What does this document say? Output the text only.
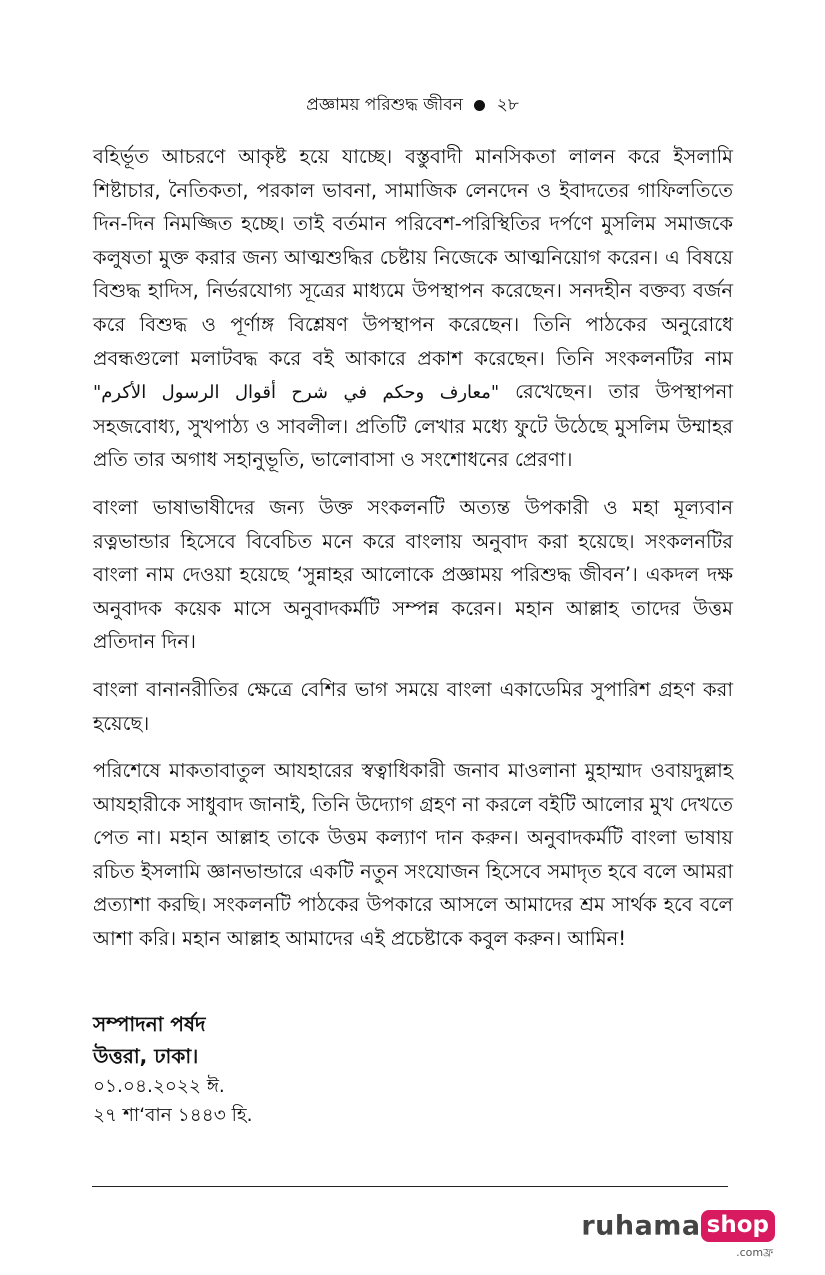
প্রজ্ঞাময় পরিশুদ্ধ জীবন ২৮

বহির্ভূত আচরণে আকৃষ্ট হয়ে যাচ্ছে। বস্তুবাদী মানসিকতা লালন করে ইসলামি শিষ্টাচার, নৈতিকতা, পরকাল ভাবনা, সামাজিক লেনদেন ও ইবাদতের গাফিলতিতে দিন-দিন নিমজ্জিত হচ্ছে। তাই বর্তমান পরিবেশ-পরিস্থিতির দর্পণে মুসলিম সমাজকে কলুষতা মুক্ত করার জন্য আত্মশুদ্ধির চেষ্টায় নিজেকে আত্মনিয়োগ করেন। এ বিষয়ে বিশুদ্ধ হাদিস, নির্ভরযোগ্য সূত্রের মাধ্যমে উপস্থাপন করেছেন। সনদহীন বক্তব্য বর্জন করে বিশুদ্ধ ও পূর্ণাঙ্গ বিশ্লেষণ উপস্থাপন করেছেন। তিনি পাঠকের অনুরোধে প্রবন্ধগুলো মলাটবদ্ধ করে বই আকারে প্রকাশ করেছেন। তিনি সংকলনটির নাম "معارف وحكم في شرح أقوال الرسول الأكرم" রেখেছেন। তার উপস্থাপনা সহজবোধ্য, সুখপাঠ্য ও সাবলীল। প্রতিটি লেখার মধ্যে ফুটে উঠেছে মুসলিম উম্মাহর প্রতি তার অগাধ সহানুভূতি, ভালোবাসা ও সংশোধনের প্রেরণা।

বাংলা ভাষাভাষীদের জন্য উক্ত সংকলনটি অত্যন্ত উপকারী ও মহা মূল্যবান রত্নভান্ডার হিসেবে বিবেচিত মনে করে বাংলায় অনুবাদ করা হয়েছে। সংকলনটির বাংলা নাম দেওয়া হয়েছে ‘সুন্নাহর আলোকে প্রজ্ঞাময় পরিশুদ্ধ জীবন’। একদল দক্ষ অনুবাদক কয়েক মাসে অনুবাদকর্মটি সম্পন্ন করেন। মহান আল্লাহ তাদের উত্তম প্রতিদান দিন।

বাংলা বানানরীতির ক্ষেত্রে বেশির ভাগ সময়ে বাংলা একাডেমির সুপারিশ গ্রহণ করা হয়েছে।

পরিশেষে মাকতাবাতুল আযহারের স্বত্বাধিকারী জনাব মাওলানা মুহাম্মাদ ওবায়দুল্লাহ আযহারীকে সাধুবাদ জানাই, তিনি উদ্যোগ গ্রহণ না করলে বইটি আলোর মুখ দেখতে পেত না। মহান আল্লাহ তাকে উত্তম কল্যাণ দান করুন। অনুবাদকর্মটি বাংলা ভাষায় রচিত ইসলামি জ্ঞানভান্ডারে একটি নতুন সংযোজন হিসেবে সমাদৃত হবে বলে আমরা প্রত্যাশা করছি। সংকলনটি পাঠকের উপকারে আসলে আমাদের শ্রম সার্থক হবে বলে আশা করি। মহান আল্লাহ আমাদের এই প্রচেষ্টাকে কবুল করুন। আমিন!

সম্পাদনা পর্ষদ
উত্তরা, ঢাকা।
০১.০৪.২০২২ ঈ.
২৭ শা‘বান ১৪৪৩ হি.
ruhama shop
.comফ্র
